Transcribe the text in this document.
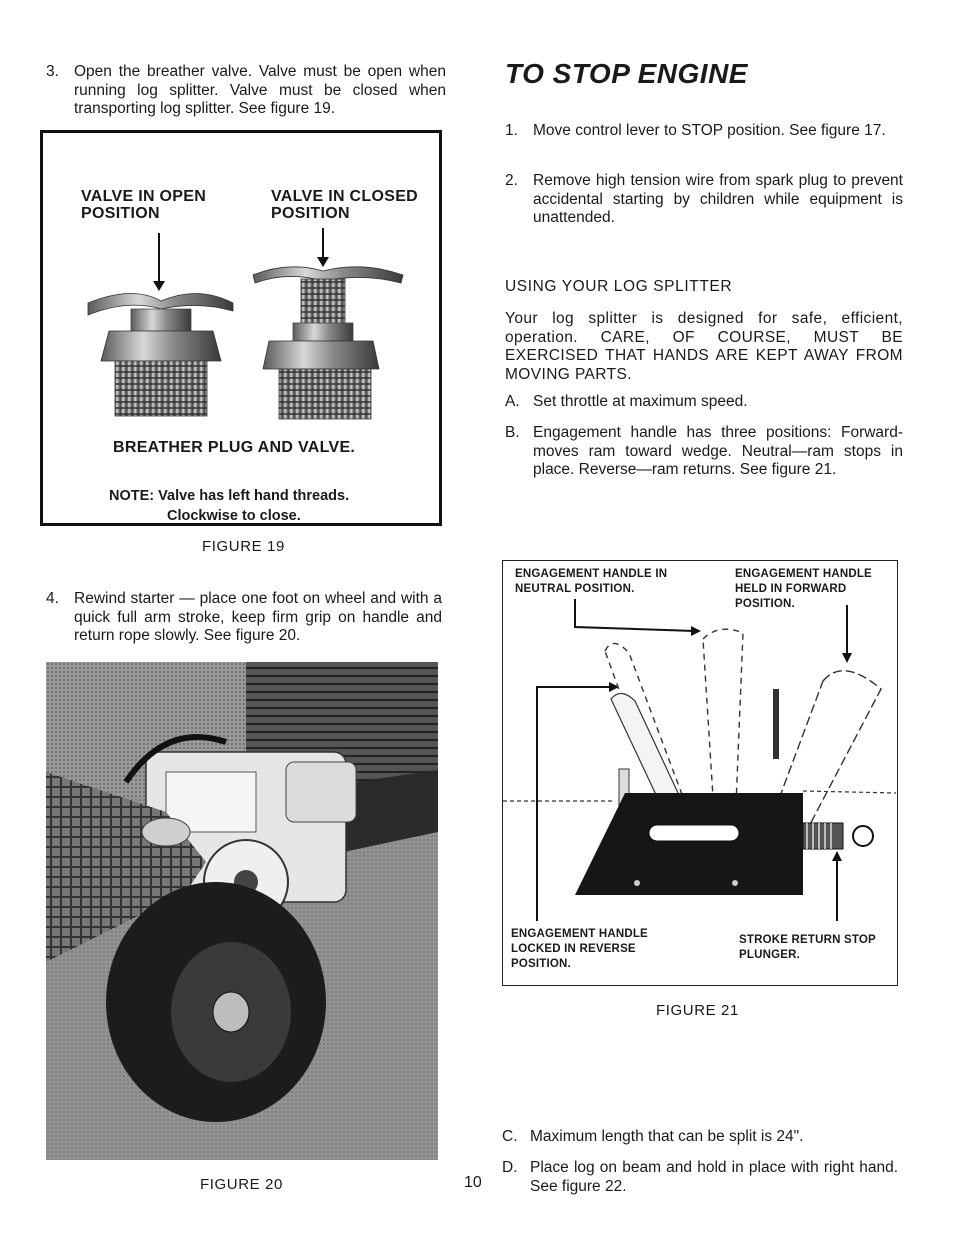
3. Open the breather valve. Valve must be open when running log splitter. Valve must be closed when transporting log splitter. See figure 19.
VALVE IN OPEN POSITION
VALVE IN CLOSED POSITION
BREATHER PLUG AND VALVE.
NOTE: Valve has left hand threads.
Clockwise to close.
FIGURE 19
4. Rewind starter — place one foot on wheel and with a quick full arm stroke, keep firm grip on handle and return rope slowly. See figure 20.
FIGURE 20	10
TO STOP ENGINE
1. Move control lever to STOP position. See figure 17.
2. Remove high tension wire from spark plug to prevent accidental starting by children while equipment is unattended.
USING YOUR LOG SPLITTER
Your log splitter is designed for safe, efficient, operation. CARE, OF COURSE, MUST BE EXERCISED THAT HANDS ARE KEPT AWAY FROM MOVING PARTS.
A. Set throttle at maximum speed.
B. Engagement handle has three positions: Forward-moves ram toward wedge. Neutral—ram stops in place. Reverse—ram returns. See figure 21.
ENGAGEMENT HANDLE IN NEUTRAL POSITION.
ENGAGEMENT HANDLE HELD IN FORWARD POSITION.
ENGAGEMENT HANDLE LOCKED IN REVERSE POSITION.
STROKE RETURN STOP PLUNGER.
FIGURE 21
C. Maximum length that can be split is 24".
D. Place log on beam and hold in place with right hand. See figure 22.
